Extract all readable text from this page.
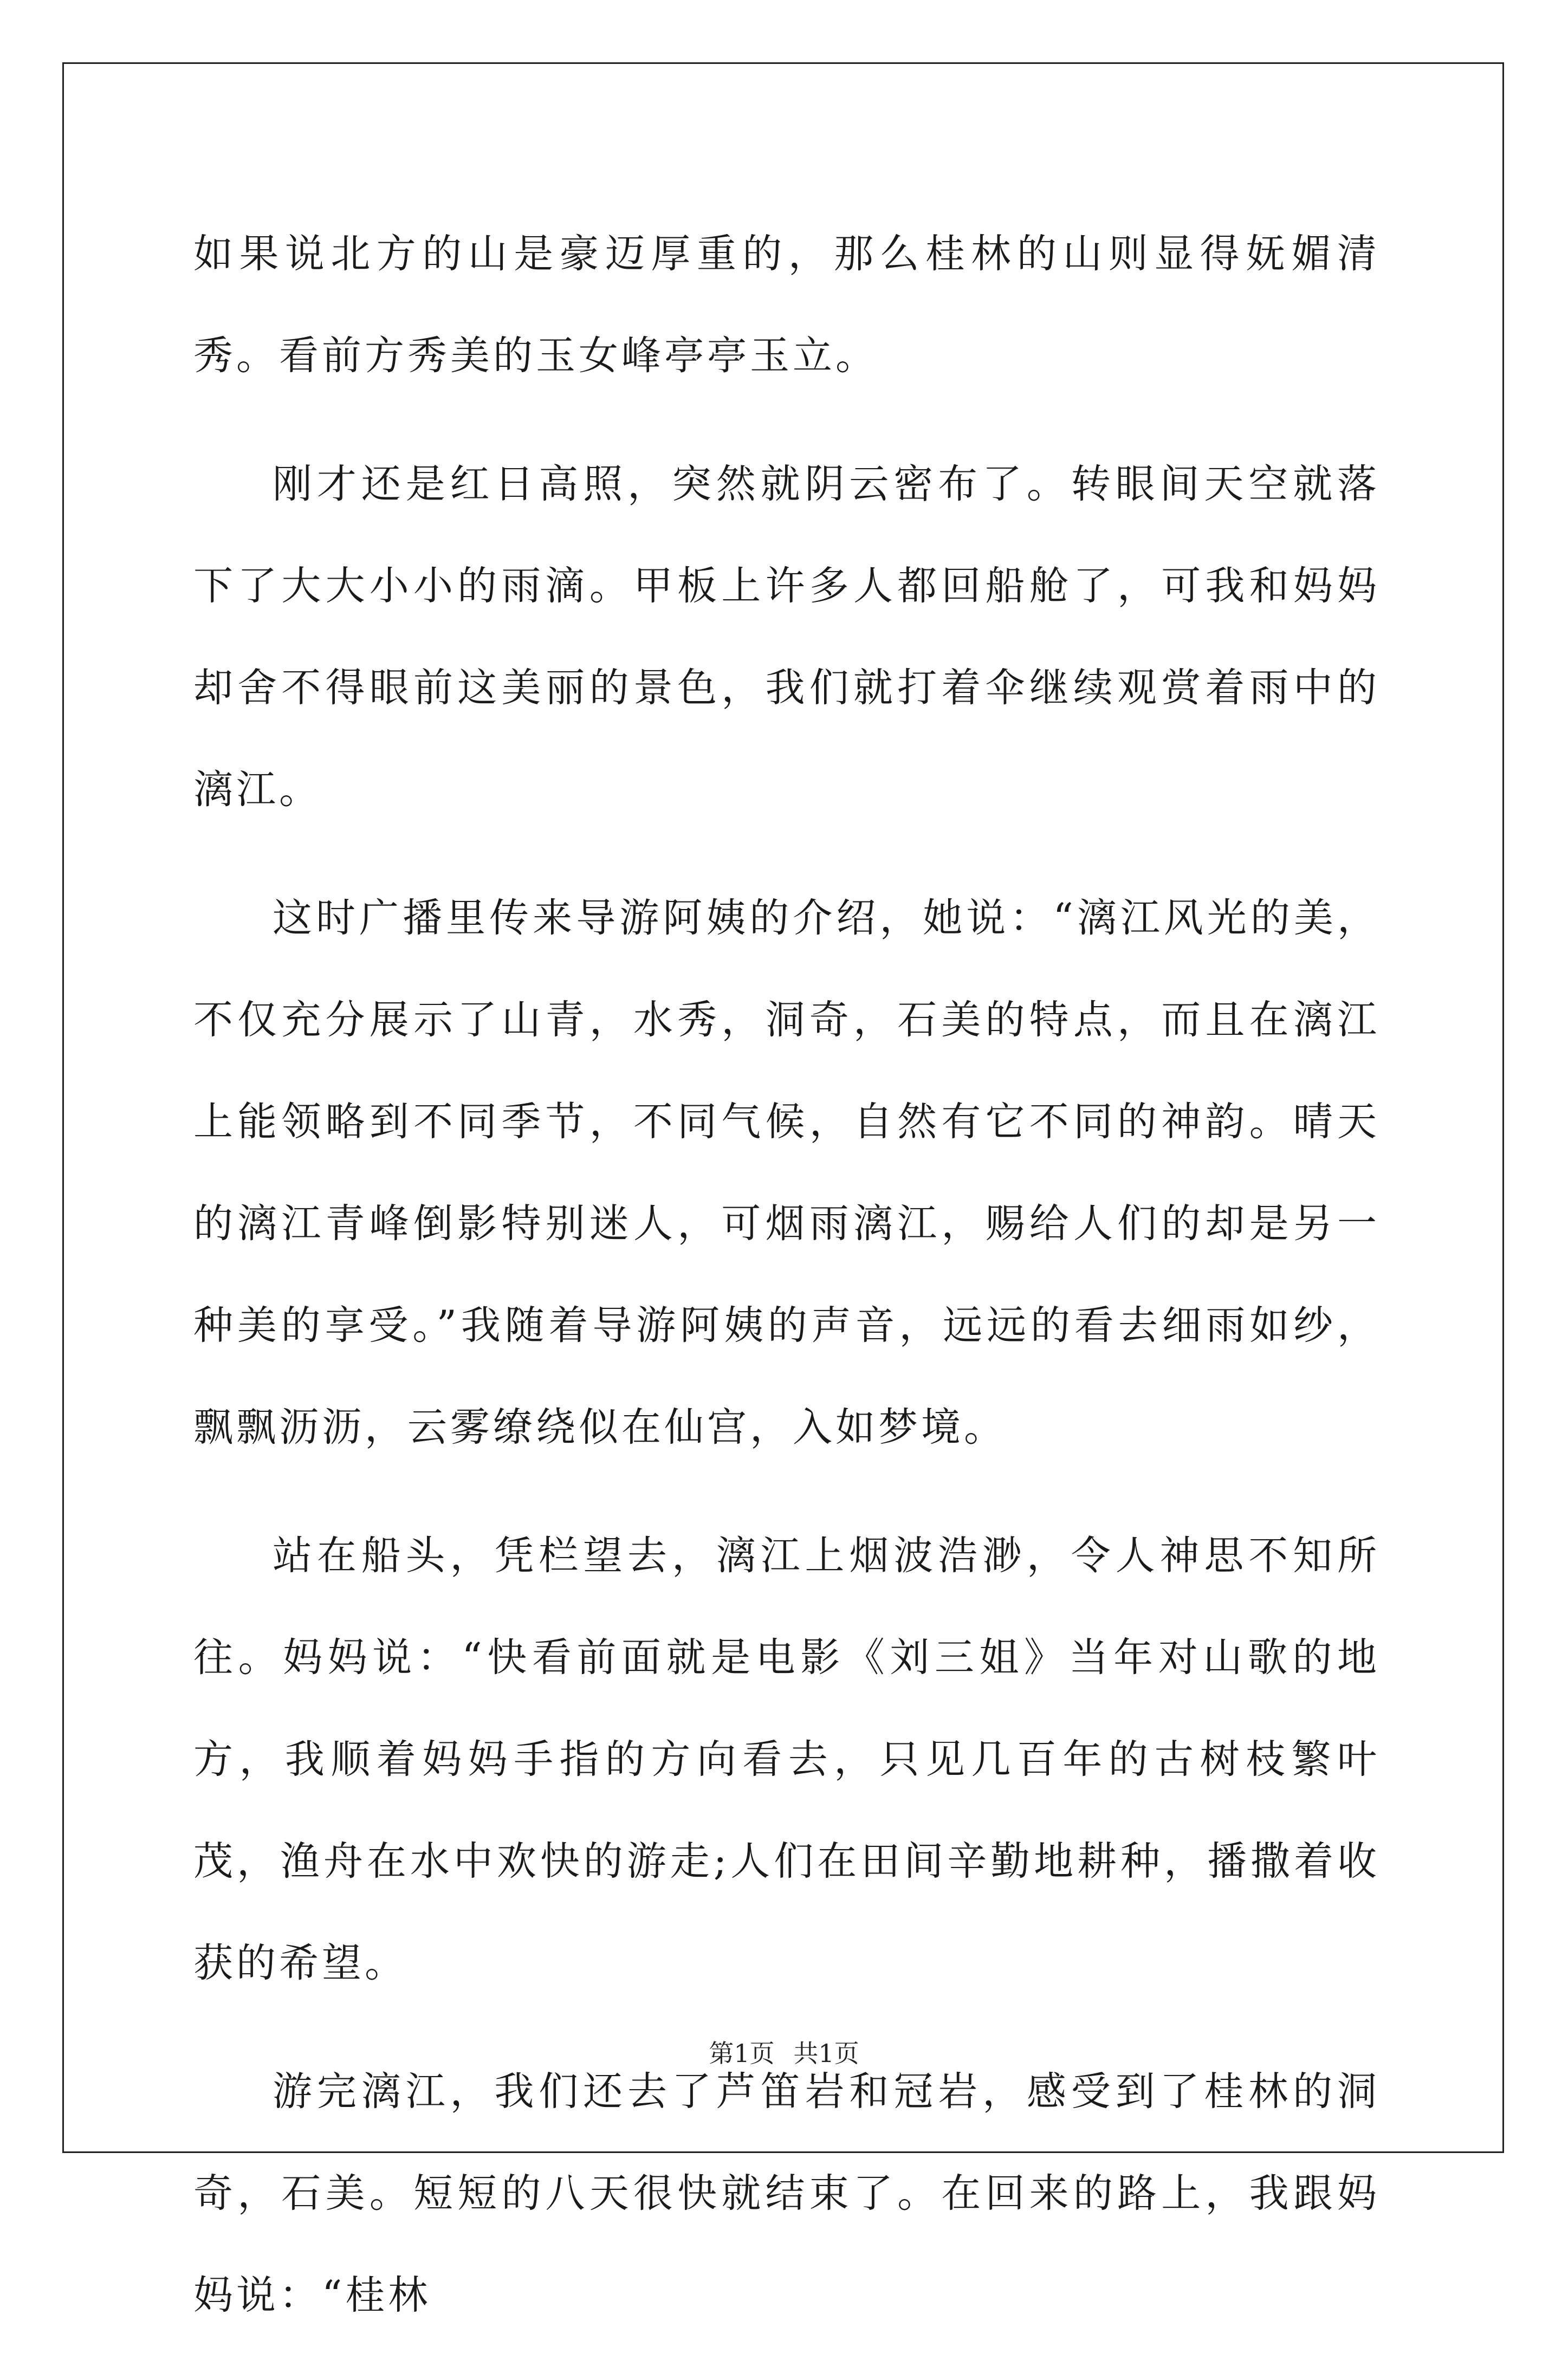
如果说北方的山是豪迈厚重的，那么桂林的山则显得妩媚清秀。看前方秀美的玉女峰亭亭玉立。

刚才还是红日高照，突然就阴云密布了。转眼间天空就落下了大大小小的雨滴。甲板上许多人都回船舱了，可我和妈妈却舍不得眼前这美丽的景色，我们就打着伞继续观赏着雨中的漓江。

这时广播里传来导游阿姨的介绍，她说：“漓江风光的美，不仅充分展示了山青，水秀，洞奇，石美的特点，而且在漓江上能领略到不同季节，不同气候，自然有它不同的神韵。晴天的漓江青峰倒影特别迷人，可烟雨漓江，赐给人们的却是另一种美的享受。”我随着导游阿姨的声音，远远的看去细雨如纱，飘飘沥沥，云雾缭绕似在仙宫，入如梦境。

站在船头，凭栏望去，漓江上烟波浩渺，令人神思不知所往。妈妈说：“快看前面就是电影《刘三姐》当年对山歌的地方，我顺着妈妈手指的方向看去，只见几百年的古树枝繁叶茂，渔舟在水中欢快的游走;人们在田间辛勤地耕种，播撒着收获的希望。

游完漓江，我们还去了芦笛岩和冠岩，感受到了桂林的洞奇，石美。短短的八天很快就结束了。在回来的路上，我跟妈妈说：“桂林

第1页 共1页
